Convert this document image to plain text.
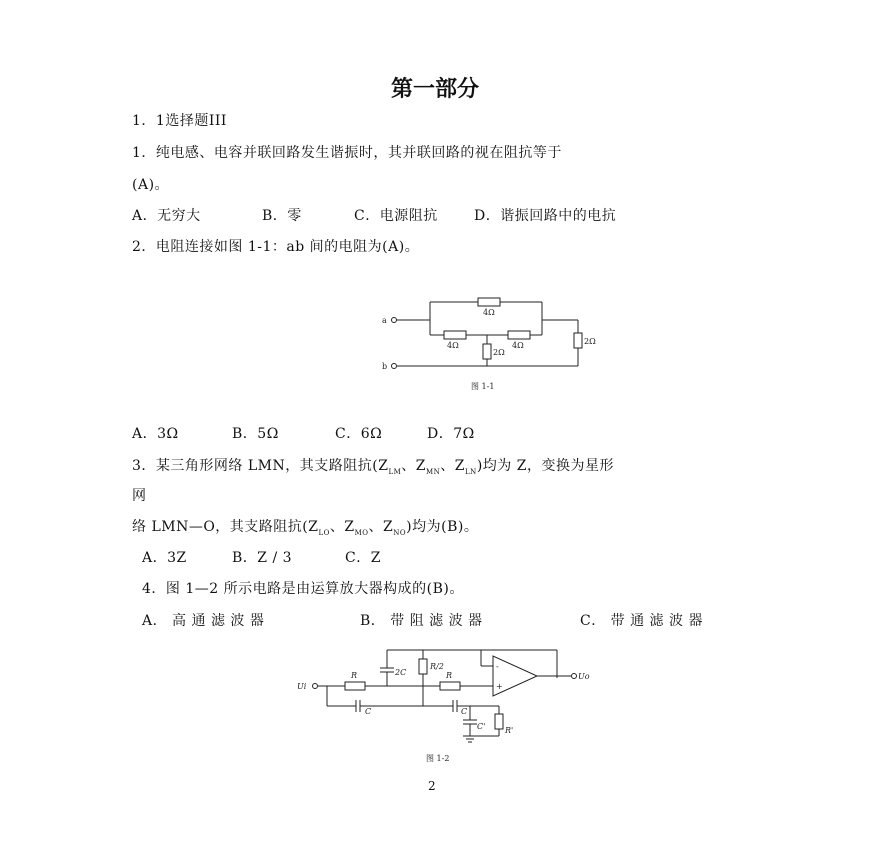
第一部分
1．1选择题III
1．纯电感、电容并联回路发生谐振时，其并联回路的视在阻抗等于
(A)。
A．无穷大	B．零	C．电源阻抗	D．谐振回路中的电抗
2．电阻连接如图 1-1：ab 间的电阻为(A)。
a
b
4Ω
4Ω	4Ω
2Ω
2Ω
图 1-1
A．3Ω	B．5Ω	C．6Ω	D．7Ω
3．某三角形网络 LMN，其支路阻抗($Z_{LM}$、$Z_{MN}$、$Z_{LN}$)均为 Z，变换为星形
网
络 LMN—O，其支路阻抗($Z_{LO}$、$Z_{MO}$、$Z_{NO}$)均为(B)。
A．3Z	B．Z / 3	C．Z
4．图 1—2 所示电路是由运算放大器构成的(B)。
A． 高 通 滤 波 器	B． 带 阻 滤 波 器	C． 带 通 滤 波 器
Ui
Uo
R	R
R/2
2C
C	C
C' R'
-
+
图 1-2
2
